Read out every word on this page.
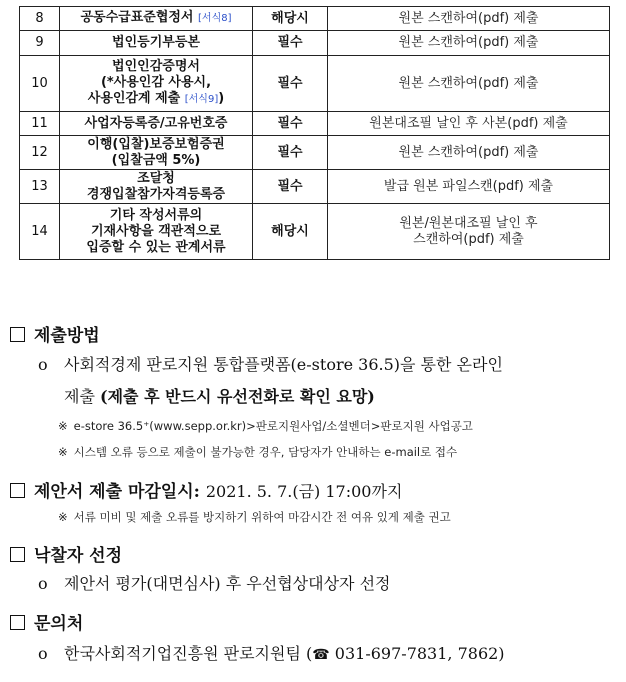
8	공동수급표준협정서 [서식8]	해당시	원본 스캔하여(pdf) 제출
9	법인등기부등본	필수	원본 스캔하여(pdf) 제출
10	법인인감증명서
(*사용인감 사용시,
사용인감계 제출 [서식9])	필수	원본 스캔하여(pdf) 제출
11	사업자등록증/고유번호증	필수	원본대조필 날인 후 사본(pdf) 제출
12	이행(입찰)보증보험증권
(입찰금액 5%)	필수	원본 스캔하여(pdf) 제출
13	조달청
경쟁입찰참가자격등록증	필수	발급 원본 파일스캔(pdf) 제출
14	기타 작성서류의
기재사항을 객관적으로
입증할 수 있는 관계서류	해당시	원본/원본대조필 날인 후
스캔하여(pdf) 제출
제출방법
o 사회적경제 판로지원 통합플랫폼(e-store 36.5)을 통한 온라인
제출 (제출 후 반드시 유선전화로 확인 요망)
※ e-store 36.5⁺(www.sepp.or.kr)>판로지원사업/소셜벤더>판로지원 사업공고
※ 시스템 오류 등으로 제출이 불가능한 경우, 담당자가 안내하는 e-mail로 접수
제안서 제출 마감일시: 2021. 5. 7.(금) 17:00까지
※ 서류 미비 및 제출 오류를 방지하기 위하여 마감시간 전 여유 있게 제출 권고
낙찰자 선정
o 제안서 평가(대면심사) 후 우선협상대상자 선정
문의처
o 한국사회적기업진흥원 판로지원팀 (☎ 031-697-7831, 7862)
